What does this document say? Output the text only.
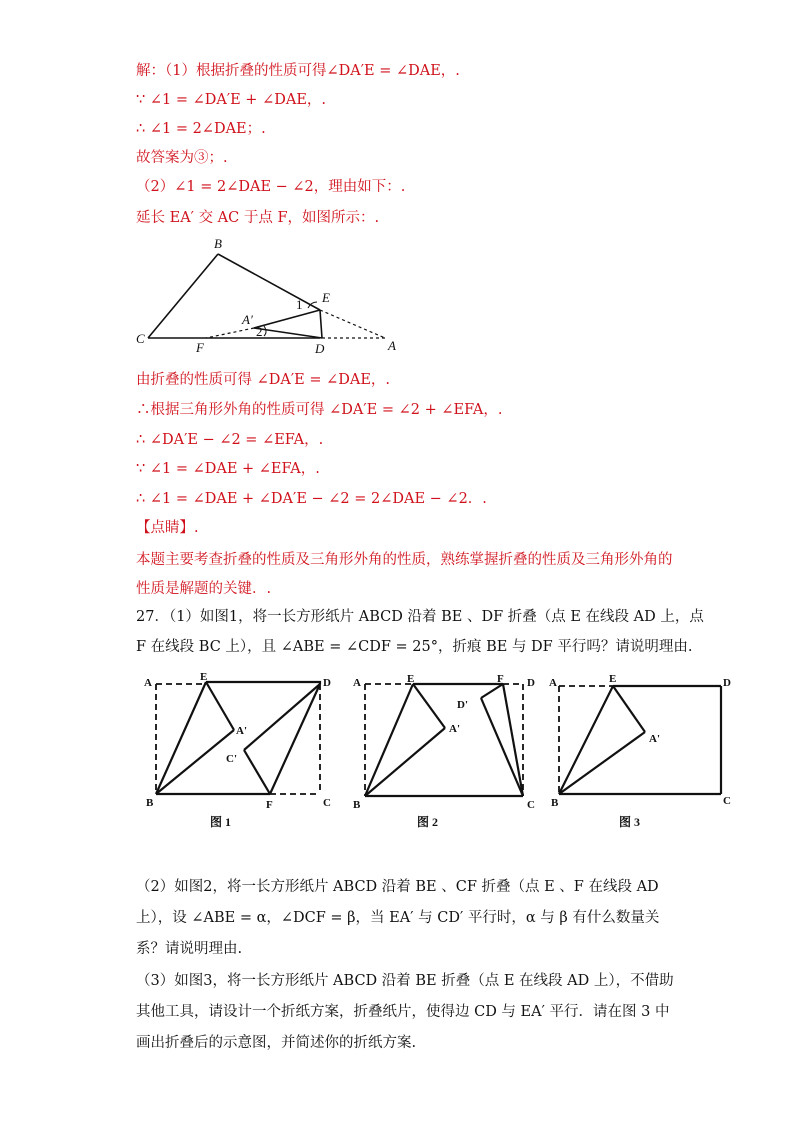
解：（1）根据折叠的性质可得∠DA′E = ∠DAE，.
∵ ∠1 = ∠DA′E + ∠DAE，.
∴ ∠1 = 2∠DAE；.
故答案为③；.
（2）∠1 = 2∠DAE − ∠2，理由如下：.
延长 EA′ 交 AC 于点 F，如图所示：.
C
B
F	D	A
E
A′
1
2
由折叠的性质可得 ∠DA′E = ∠DAE，.
∴根据三角形外角的性质可得 ∠DA′E = ∠2 + ∠EFA，.
∴ ∠DA′E − ∠2 = ∠EFA，.
∵ ∠1 = ∠DAE + ∠EFA，.
∴ ∠1 = ∠DAE + ∠DA′E − ∠2 = 2∠DAE − ∠2．.
【点睛】.
本题主要考查折叠的性质及三角形外角的性质，熟练掌握折叠的性质及三角形外角的性质是解题的关键．.
27．（1）如图1，将一长方形纸片 ABCD 沿着 BE 、DF 折叠（点 E 在线段 AD 上，点
F 在线段 BC 上），且 ∠ABE = ∠CDF = 25°，折痕 BE 与 DF 平行吗？请说明理由.
A	E	D
A'
C'
B	F	C
图 1
A	E	F D
D'
A'
B	C
图 2
A	E	D
A'
B	C
图 3
（2）如图2，将一长方形纸片 ABCD 沿着 BE 、CF 折叠（点 E 、F 在线段 AD 上），设 ∠ABE = α，∠DCF = β，当 EA′ 与 CD′ 平行时，α 与 β 有什么数量关系？请说明理由.
（3）如图3，将一长方形纸片 ABCD 沿着 BE 折叠（点 E 在线段 AD 上），不借助其他工具，请设计一个折纸方案，折叠纸片，使得边 CD 与 EA′ 平行．请在图 3 中画出折叠后的示意图，并简述你的折纸方案.
